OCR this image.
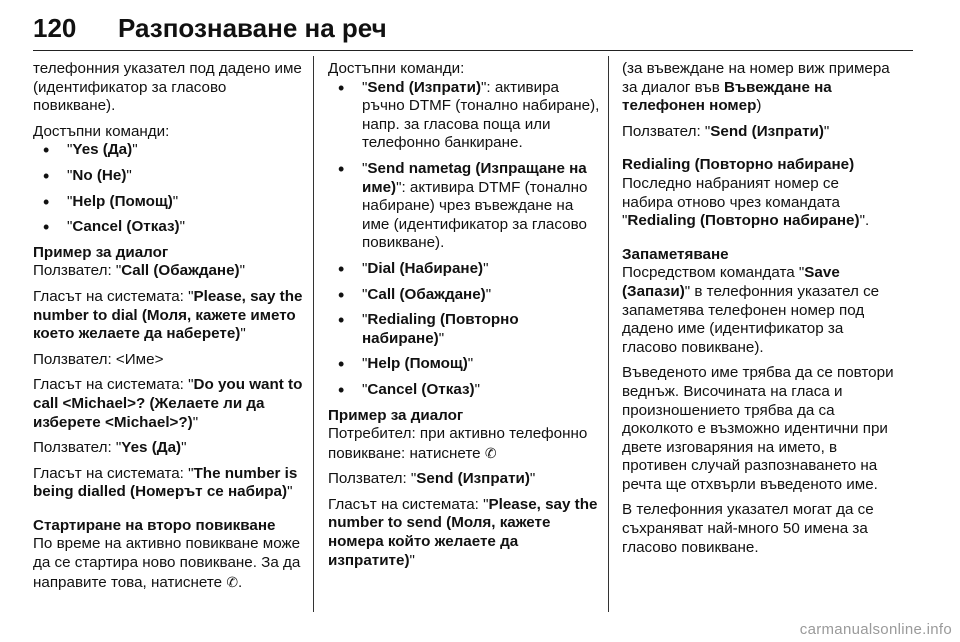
120	Разпознаване на реч

телефонния указател под дадено име (идентификатор за гласово повикване).

Достъпни команди:

• "Yes (Да)"
• "No (Не)"
• "Help (Помощ)"
• "Cancel (Отказ)"
Пример за диалог

Ползвател: "Call (Обаждане)"

Гласът на системата: "Please, say the number to dial (Моля, кажете името което желаете да наберете)"

Ползвател: <Име>

Гласът на системата: "Do you want to call <Michael>? (Желаете ли да изберете <Michael>?)"

Ползвател: "Yes (Да)"

Гласът на системата: "The number is being dialled (Номерът се набира)"

Стартиране на второ повикване

По време на активно повикване може да се стартира ново повикване. За да направите това, натиснете ✆.

Достъпни команди:

• "Send (Изпрати)": активира ръчно DTMF (тонално набиране), напр. за гласова поща или телефонно банкиране.
• "Send nametag (Изпращане на име)": активира DTMF (тонално набиране) чрез въвеждане на име (идентификатор за гласово повикване).
• "Dial (Набиране)"
• "Call (Обаждане)"
• "Redialing (Повторно набиране)"
• "Help (Помощ)"
• "Cancel (Отказ)"
Пример за диалог

Потребител: при активно телефонно повикване: натиснете ✆

Ползвател: "Send (Изпрати)"

Гласът на системата: "Please, say the number to send (Моля, кажете номера който желаете да изпратите)"

(за въвеждане на номер виж примера за диалог във Въвеждане на телефонен номер)

Ползвател: "Send (Изпрати)"

Redialing (Повторно набиране)

Последно набраният номер се набира отново чрез командата "Redialing (Повторно набиране)".

Запаметяване

Посредством командата "Save (Запази)" в телефонния указател се запаметява телефонен номер под дадено име (идентификатор за гласово повикване).

Въведеното име трябва да се повтори веднъж. Височината на гласа и произношението трябва да са доколкото е възможно идентични при двете изговаряния на името, в противен случай разпознаването на речта ще отхвърли въведеното име.

В телефонния указател могат да се съхраняват най-много 50 имена за гласово повикване.

carmanualsonline.info
